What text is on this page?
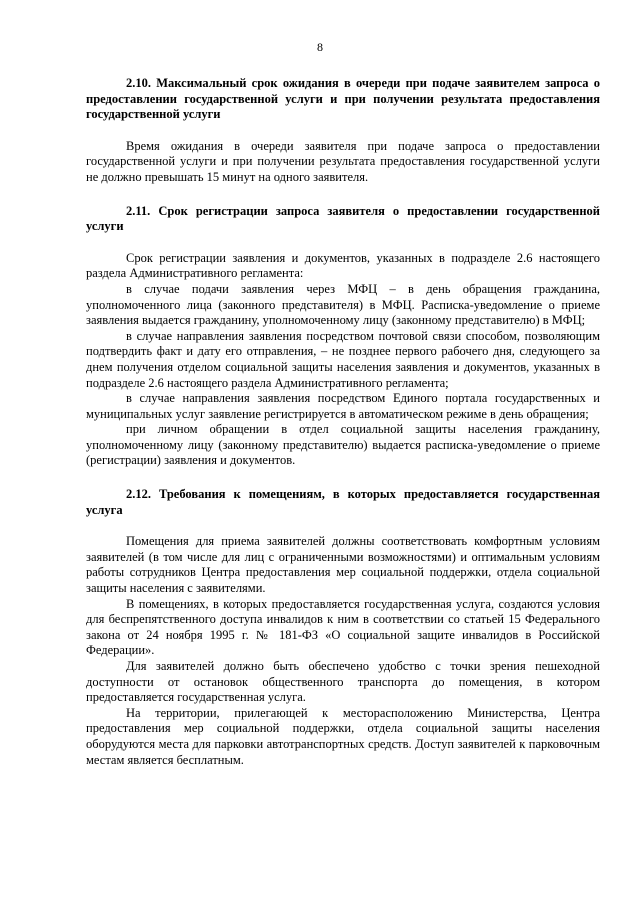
8

2.10. Максимальный срок ожидания в очереди при подаче заявителем запроса о предоставлении государственной услуги и при получении результата предоставления государственной услуги

Время ожидания в очереди заявителя при подаче запроса о предоставлении государственной услуги и при получении результата предоставления государственной услуги не должно превышать 15 минут на одного заявителя.

2.11. Срок регистрации запроса заявителя о предоставлении государственной услуги

Срок регистрации заявления и документов, указанных в подразделе 2.6 настоящего раздела Административного регламента:

в случае подачи заявления через МФЦ – в день обращения гражданина, уполномоченного лица (законного представителя) в МФЦ. Расписка-уведомление о приеме заявления выдается гражданину, уполномоченному лицу (законному представителю) в МФЦ;

в случае направления заявления посредством почтовой связи способом, позволяющим подтвердить факт и дату его отправления, – не позднее первого рабочего дня, следующего за днем получения отделом социальной защиты населения заявления и документов, указанных в подразделе 2.6 настоящего раздела Административного регламента;

в случае направления заявления посредством Единого портала государственных и муниципальных услуг заявление регистрируется в автоматическом режиме в день обращения;

при личном обращении в отдел социальной защиты населения гражданину, уполномоченному лицу (законному представителю) выдается расписка-уведомление о приеме (регистрации) заявления и документов.

2.12. Требования к помещениям, в которых предоставляется государственная услуга

Помещения для приема заявителей должны соответствовать комфортным условиям заявителей (в том числе для лиц с ограниченными возможностями) и оптимальным условиям работы сотрудников Центра предоставления мер социальной поддержки, отдела социальной защиты населения с заявителями.

В помещениях, в которых предоставляется государственная услуга, создаются условия для беспрепятственного доступа инвалидов к ним в соответствии со статьей 15 Федерального закона от 24 ноября 1995 г. № 181-ФЗ «О социальной защите инвалидов в Российской Федерации».

Для заявителей должно быть обеспечено удобство с точки зрения пешеходной доступности от остановок общественного транспорта до помещения, в котором предоставляется государственная услуга.

На территории, прилегающей к месторасположению Министерства, Центра предоставления мер социальной поддержки, отдела социальной защиты населения оборудуются места для парковки автотранспортных средств. Доступ заявителей к парковочным местам является бесплатным.
